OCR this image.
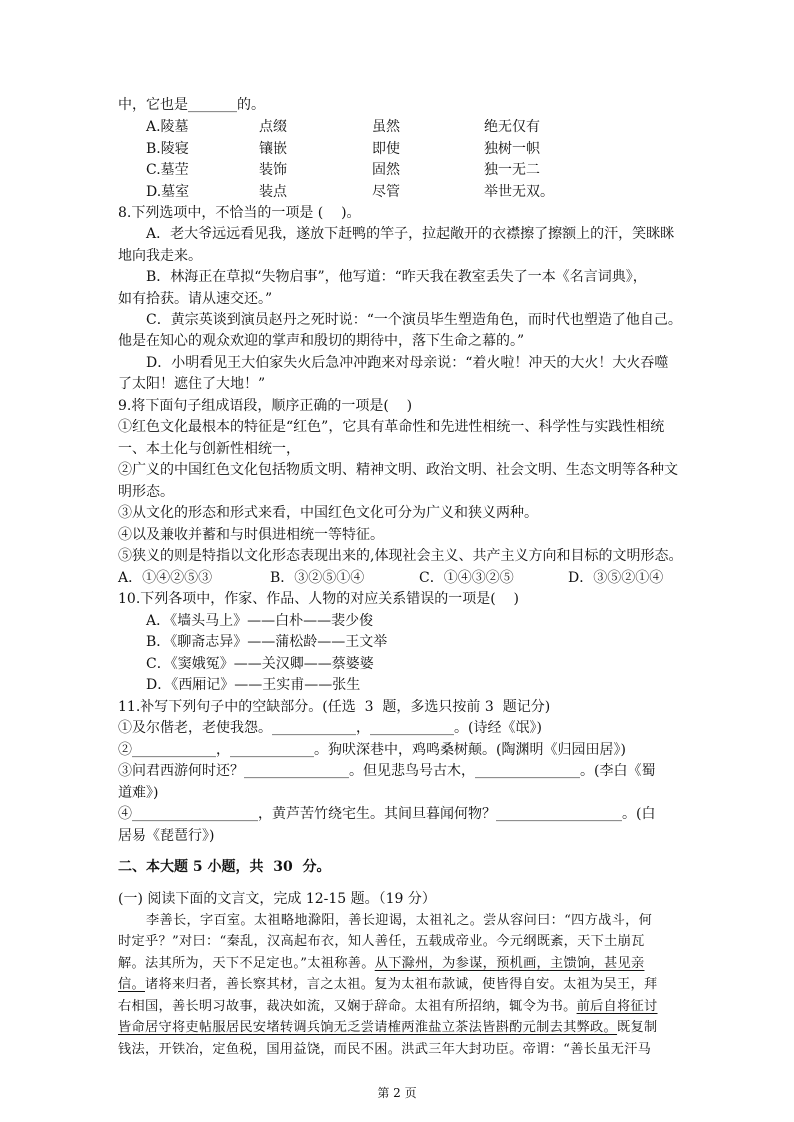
中，它也是_______的。
A.陵墓	点缀	虽然	绝无仅有
B.陵寝	镶嵌	即使	独树一帜
C.墓茔	装饰	固然	独一无二
D.墓室	装点	尽管	举世无双。
8.下列选项中，不恰当的一项是 (    )。
A．老大爷远远看见我，遂放下赶鸭的竿子，拉起敞开的衣襟擦了擦额上的汗，笑眯眯
地向我走来。
B．林海正在草拟“失物启事”，他写道：“昨天我在教室丢失了一本《名言词典》，
如有拾获。请从速交还。”
C．黄宗英谈到演员赵丹之死时说：“一个演员毕生塑造角色，而时代也塑造了他自己。
他是在知心的观众欢迎的掌声和殷切的期待中，落下生命之幕的。”
D．小明看见王大伯家失火后急冲冲跑来对母亲说：“着火啦！冲天的大火！大火吞噬
了太阳！遮住了大地！”
9.将下面句子组成语段，顺序正确的一项是(    )
①红色文化最根本的特征是“红色”，它具有革命性和先进性相统一、科学性与实践性相统
一、本土化与创新性相统一，
②广义的中国红色文化包括物质文明、精神文明、政治文明、社会文明、生态文明等各种文
明形态。
③从文化的形态和形式来看，中国红色文化可分为广义和狭义两种。
④以及兼收并蓄和与时俱进相统一等特征。
⑤狭义的则是特指以文化形态表现出来的,体现社会主义、共产主义方向和目标的文明形态。
A．①④②⑤③	B．③②⑤①④	C．①④③②⑤	D．③⑤②①④
10.下列各项中，作家、作品、人物的对应关系错误的一项是(    )
A．《墙头马上》——白朴——裴少俊
B．《聊斋志异》——蒲松龄——王文举
C．《窦娥冤》——关汉卿——蔡婆婆
D．《西厢记》——王实甫——张生
11.补写下列句子中的空缺部分。(任选  3  题，多选只按前 3  题记分)
①及尔偕老，老使我怨。____________，____________。(诗经《氓》)
②____________，____________。狗吠深巷中，鸡鸣桑树颠。(陶渊明《归园田居》)
③问君西游何时还？_______________。但见悲鸟号古木，_______________。(李白《蜀
道难》)
④__________________，黄芦苦竹绕宅生。其间旦暮闻何物？__________________。(白
居易《琵琶行》)
二、本大题 5 小题，共  30  分。
(一) 阅读下面的文言文，完成 12-15 题。（19 分）
李善长，字百室。太祖略地滁阳，善长迎谒，太祖礼之。尝从容问曰：“四方战斗，何
时定乎？”对曰：“秦乱，汉高起布衣，知人善任，五载成帝业。今元纲既紊，天下土崩瓦
解。法其所为，天下不足定也。”太祖称善。从下滁州，为参谋，预机画，主馈饷，甚见亲
信。诸将来归者，善长察其材，言之太祖。复为太祖布款诚，使皆得自安。太祖为吴王，拜
右相国，善长明习故事，裁决如流，又娴于辞命。太祖有所招纳，辄令为书。前后自将征讨
皆命居守将吏帖服居民安堵转调兵饷无乏尝请榷两淮盐立茶法皆斟酌元制去其弊政。既复制
钱法，开铁冶，定鱼税，国用益饶，而民不困。洪武三年大封功臣。帝谓：“善长虽无汗马
第 2 页
